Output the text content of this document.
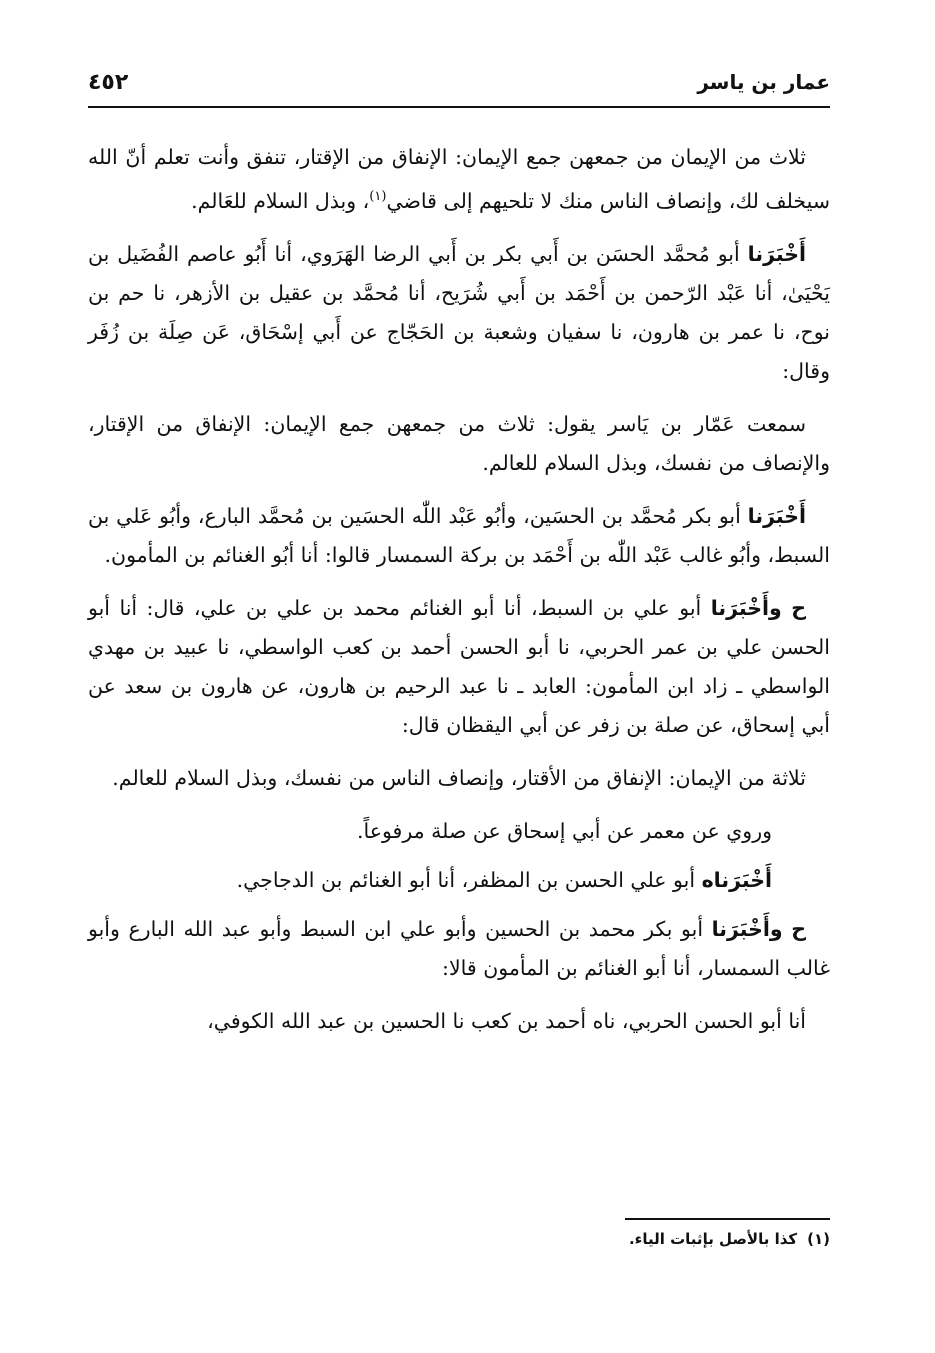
٤٥٢	عمار بن ياسر

ثلاث من الإيمان من جمعهن جمع الإيمان: الإنفاق من الإقتار، تنفق وأنت تعلم أنّ الله سيخلف لك، وإنصاف الناس منك لا تلحيهم إلى قاضي$^{(١)}$، وبذل السلام للعَالم.

أَخْبَرَنا أبو مُحمَّد الحسَن بن أَبي بكر بن أَبي الرضا الهَرَوي، أنا أَبُو عاصم الفُضَيل بن يَحْيَىٰ، أنا عَبْد الرّحمن بن أَحْمَد بن أَبي شُرَيح، أنا مُحمَّد بن عقيل بن الأزهر، نا حم بن نوح، نا عمر بن هارون، نا سفيان وشعبة بن الحَجّاج عن أَبي إسْحَاق، عَن صِلَة بن زُفَر وقال:

سمعت عَمّار بن يَاسر يقول: ثلاث من جمعهن جمع الإيمان: الإنفاق من الإقتار، والإنصاف من نفسك، وبذل السلام للعالم.

أَخْبَرَنا أبو بكر مُحمَّد بن الحسَين، وأبُو عَبْد اللّٰه الحسَين بن مُحمَّد البارع، وأبُو عَلي بن السبط، وأبُو غالب عَبْد اللّٰه بن أَحْمَد بن بركة السمسار قالوا: أنا أبُو الغنائم بن المأمون.

ح وأَخْبَرَنا أبو علي بن السبط، أنا أبو الغنائم محمد بن علي بن علي، قال: أنا أبو الحسن علي بن عمر الحربي، نا أبو الحسن أحمد بن كعب الواسطي، نا عبيد بن مهدي الواسطي ـ زاد ابن المأمون: العابد ـ نا عبد الرحيم بن هارون، عن هارون بن سعد عن أبي إسحاق، عن صلة بن زفر عن أبي اليقظان قال:

ثلاثة من الإيمان: الإنفاق من الأقتار، وإنصاف الناس من نفسك، وبذل السلام للعالم.

وروي عن معمر عن أبي إسحاق عن صلة مرفوعاً.

أَخْبَرَناه أبو علي الحسن بن المظفر، أنا أبو الغنائم بن الدجاجي.

ح وأَخْبَرَنا أبو بكر محمد بن الحسين وأبو علي ابن السبط وأبو عبد الله البارع وأبو غالب السمسار، أنا أبو الغنائم بن المأمون قالا:

أنا أبو الحسن الحربي، ناه أحمد بن كعب نا الحسين بن عبد الله الكوفي،

(١)كذا بالأصل بإثبات الياء.
